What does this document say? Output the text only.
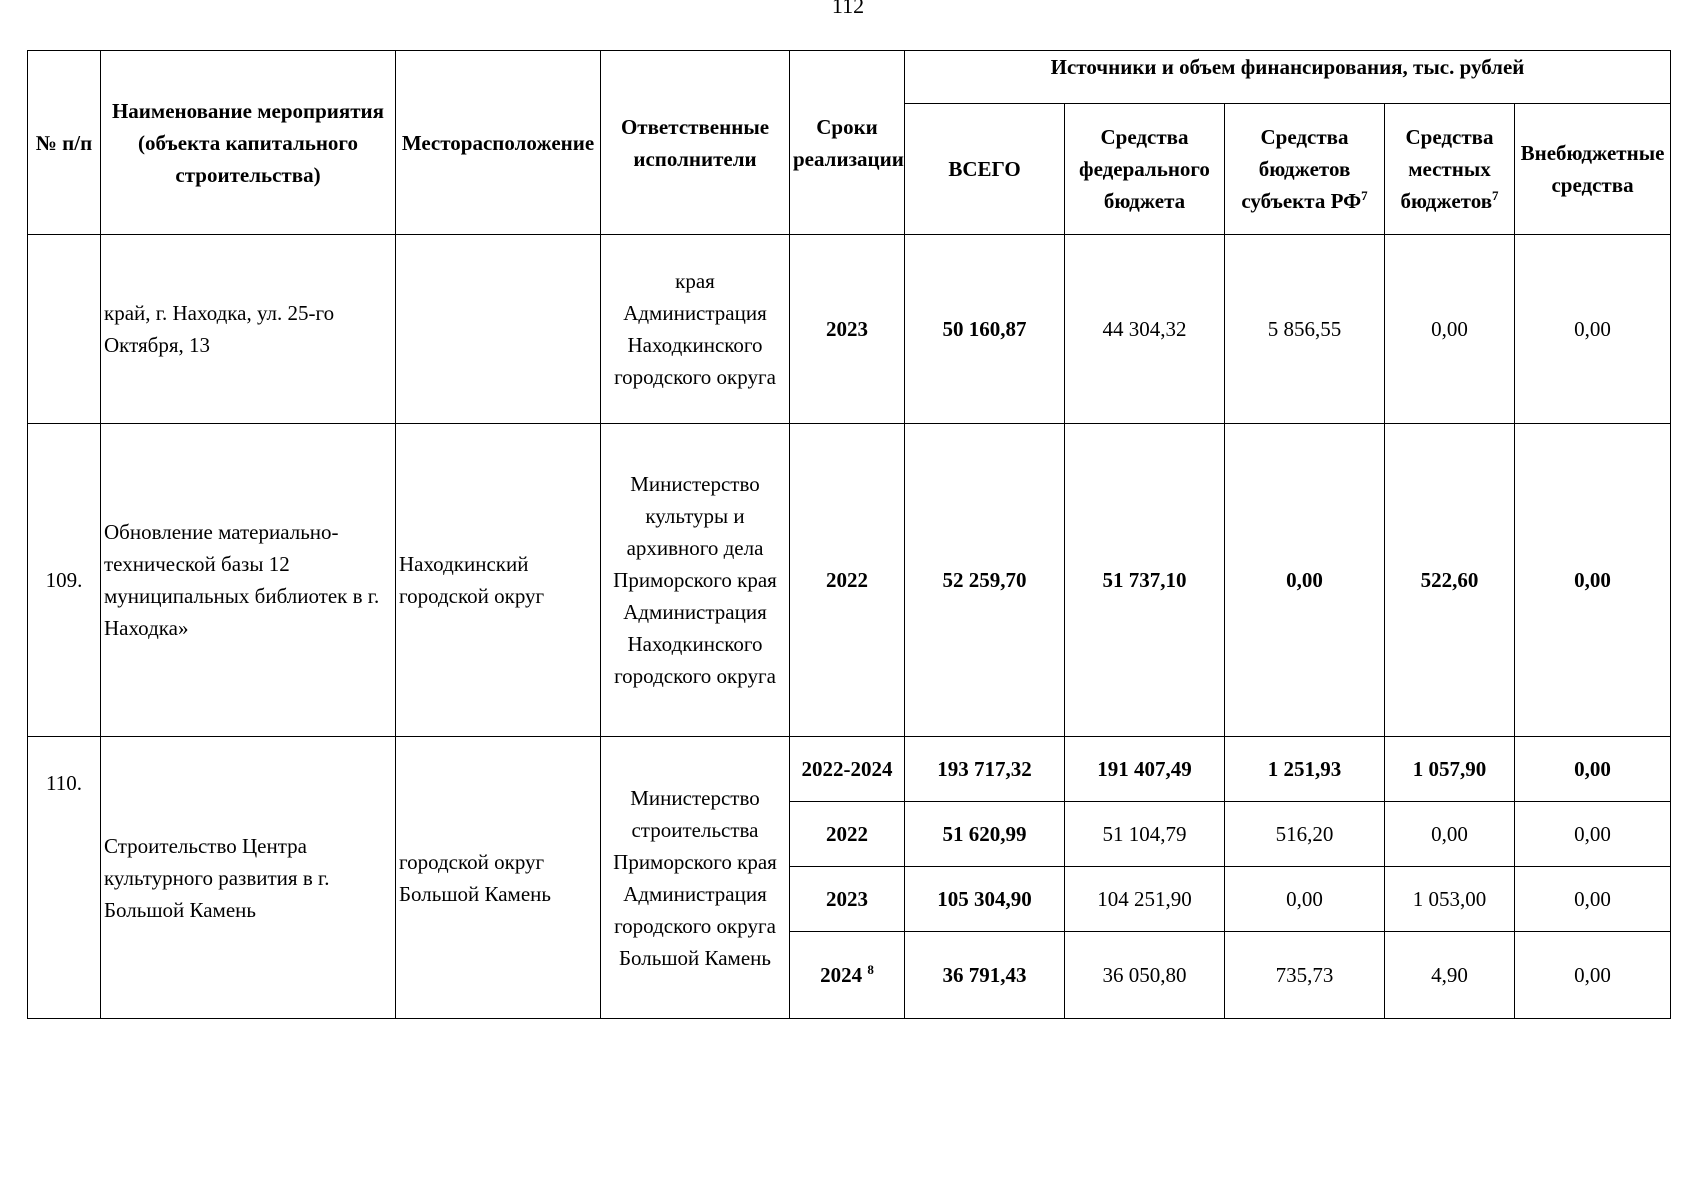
112
№ п/п	Наименование мероприятия (объекта капитального строительства)	Месторасположение	Ответственные исполнители	Сроки реализации	Источники и объем финансирования, тыс. рублей				
					ВСЕГО	Средства федерального бюджета	Средства бюджетов субъекта $РФ^7$	Средства местных бюджетов$^7$	Внебюджетные средства
	край, г. Находка, ул. 25-го Октября, 13		края Администрация Находкинского городского округа	2023	50 160,87	44 304,32	5 856,55	0,00	0,00
109.	Обновление материально-технической базы 12 муниципальных библиотек в г. Находка»	Находкинский городской округ	Министерство культуры и архивного дела Приморского края Администрация Находкинского городского округа	2022	52 259,70	51 737,10	0,00	522,60	0,00
110.	Строительство Центра культурного развития в г. Большой Камень	городской округ Большой Камень	Министерство строительства Приморского края Администрация городского округа Большой Камень	2022-2024	193 717,32	191 407,49	1 251,93	1 057,90	0,00
				2022	51 620,99	51 104,79	516,20	0,00	0,00
				2023	105 304,90	104 251,90	0,00	1 053,00	0,00
				2024 $^8$	36 791,43	36 050,80	735,73	4,90	0,00
